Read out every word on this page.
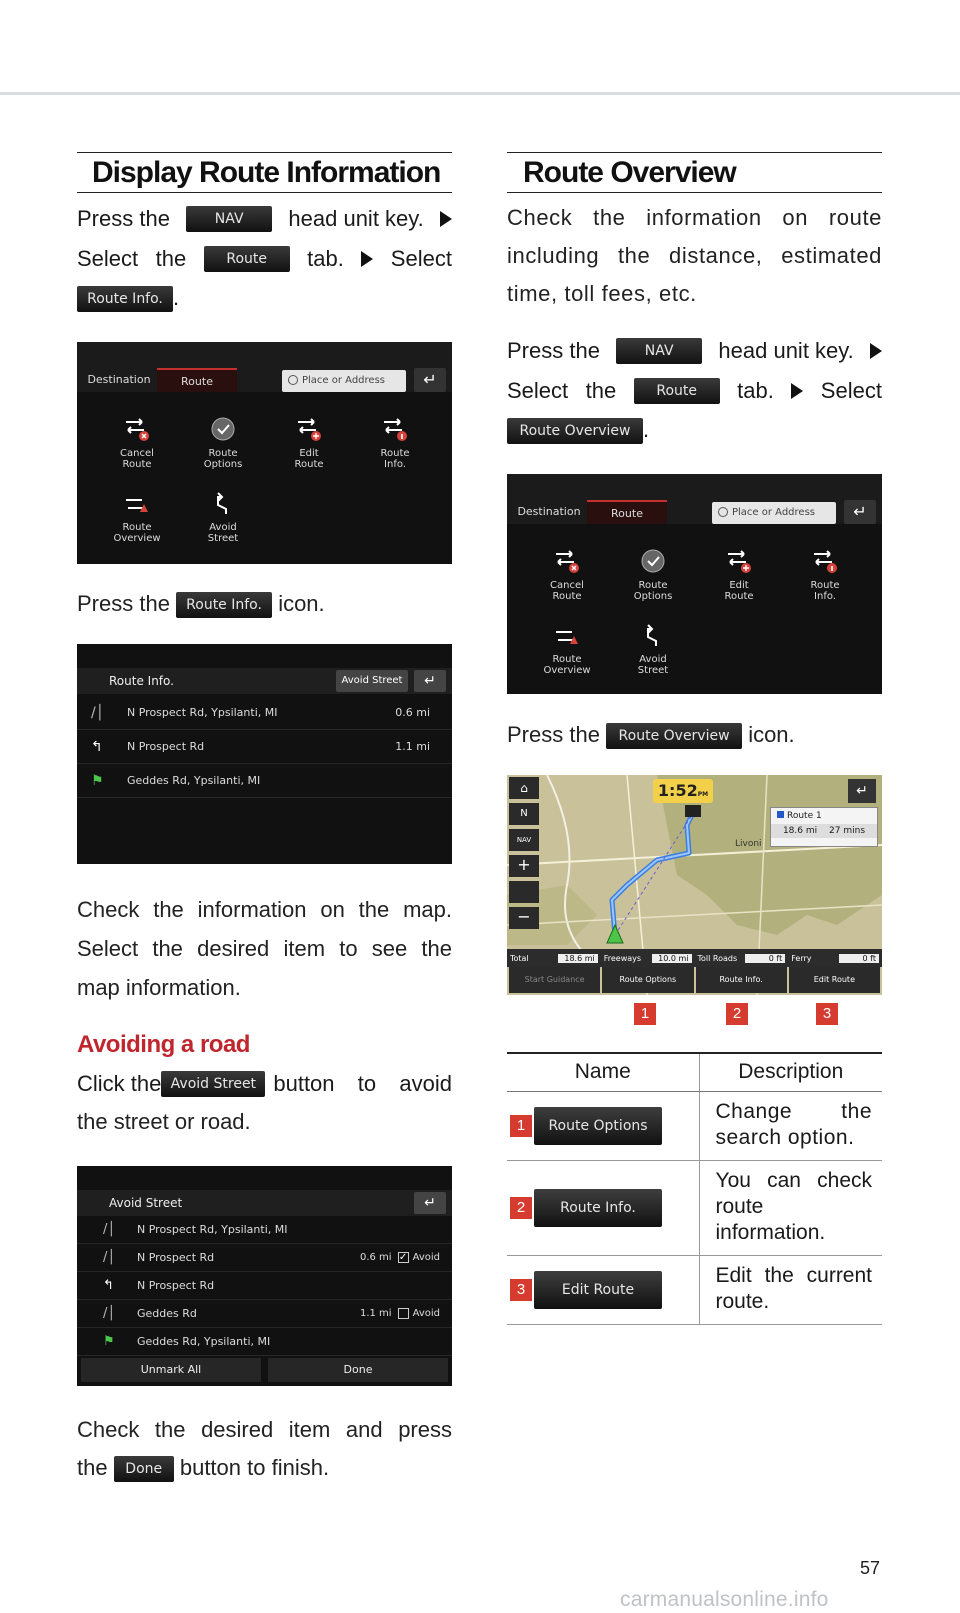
Display Route Information
Press the	NAV	head unit key.
Select the	Route	tab. Select
Route Info. .
Destination	Route	Place or Address	↵
Cancel
Route
Route
Options
Edit
Route
Route
Info.
Route
Overview
Avoid
Street
Press the Route Info. icon.
Route Info.	Avoid Street	↵
/│	N Prospect Rd, Ypsilanti, MI	0.6 mi
↰	N Prospect Rd	1.1 mi
⚑	Geddes Rd, Ypsilanti, MI
Check the information on the map. Select the desired item to see the map information.
Avoiding a road
Click the Avoid Street button to avoid
the street or road.
Avoid Street	↵
/│	N Prospect Rd, Ypsilanti, MI
/│	N Prospect Rd	0.6 mi ✓ Avoid
↰	N Prospect Rd
/│	Geddes Rd	1.1 mi Avoid
⚑	Geddes Rd, Ypsilanti, MI
Unmark All	Done
Check the desired item and press
the Done button to finish.
Route Overview
Check the information on route including the distance, estimated time, toll fees, etc.
Press the	NAV	head unit key.
Select the	Route	tab. Select
Route Overview .
Destination	Route	Place or Address	↵
Cancel
Route
Route
Options
Edit
Route
Route
Info.
Route
Overview
Avoid
Street
Press the Route Overview icon.
1:52PM	↵
Route 1
18.6 mi 27 mins
Livoni
⌂
N
NAV
+
−
Total	18.6 mi	Freeways	10.0 mi	Toll Roads	0 ft	Ferry	0 ft
Start Guidance	Route Options	Route Info.	Edit Route
1	2	3
Name	Description
1 Route Options	Change the search option.
2 Route Info.	You can check route information.
3 Edit Route	Edit the current route.
57
carmanualsonline.info
